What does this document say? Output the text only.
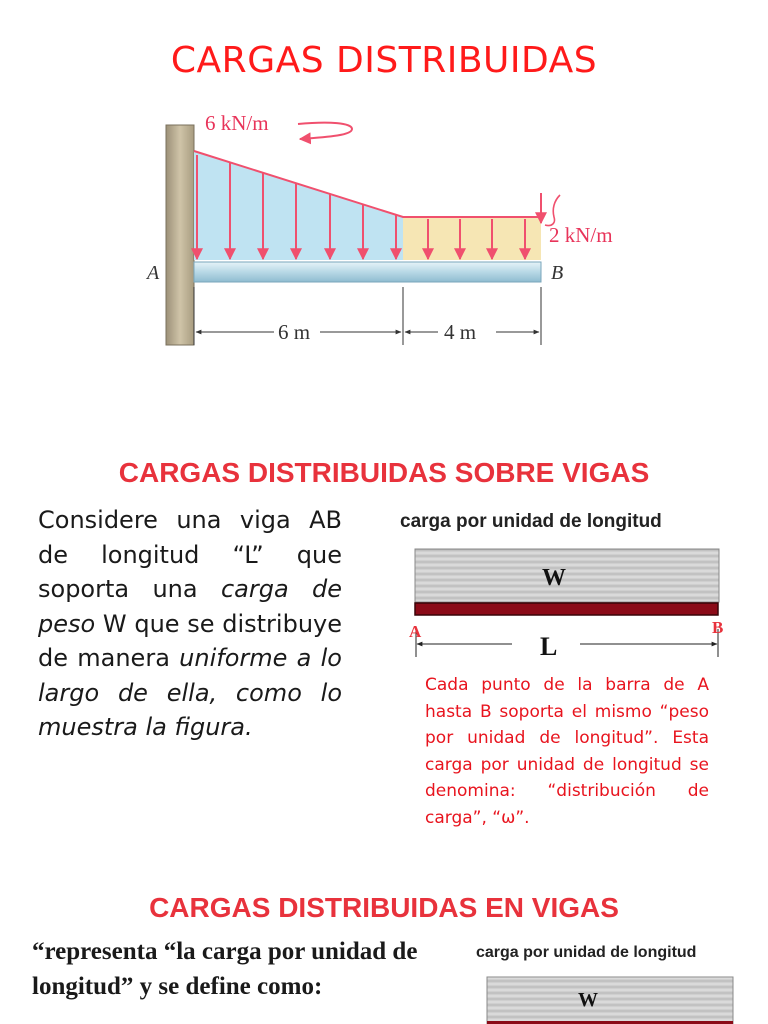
CARGAS DISTRIBUIDAS
6 kN/m
2 kN/m
A	B
6 m	4 m
CARGAS DISTRIBUIDAS SOBRE VIGAS
Considere una viga AB de longitud “L” que soporta una carga de peso W que se distribuye de manera uniforme a lo largo de ella, como lo muestra la figura.
carga por unidad de longitud
W
L
A	B
Cada punto de la barra de A hasta B soporta el mismo “peso por unidad de longitud”. Esta carga por unidad de longitud se denomina: “distribución de carga”, “ω”.
CARGAS DISTRIBUIDAS EN VIGAS
“representa “la carga por unidad de longitud” y se define como:
carga por unidad de longitud
W
